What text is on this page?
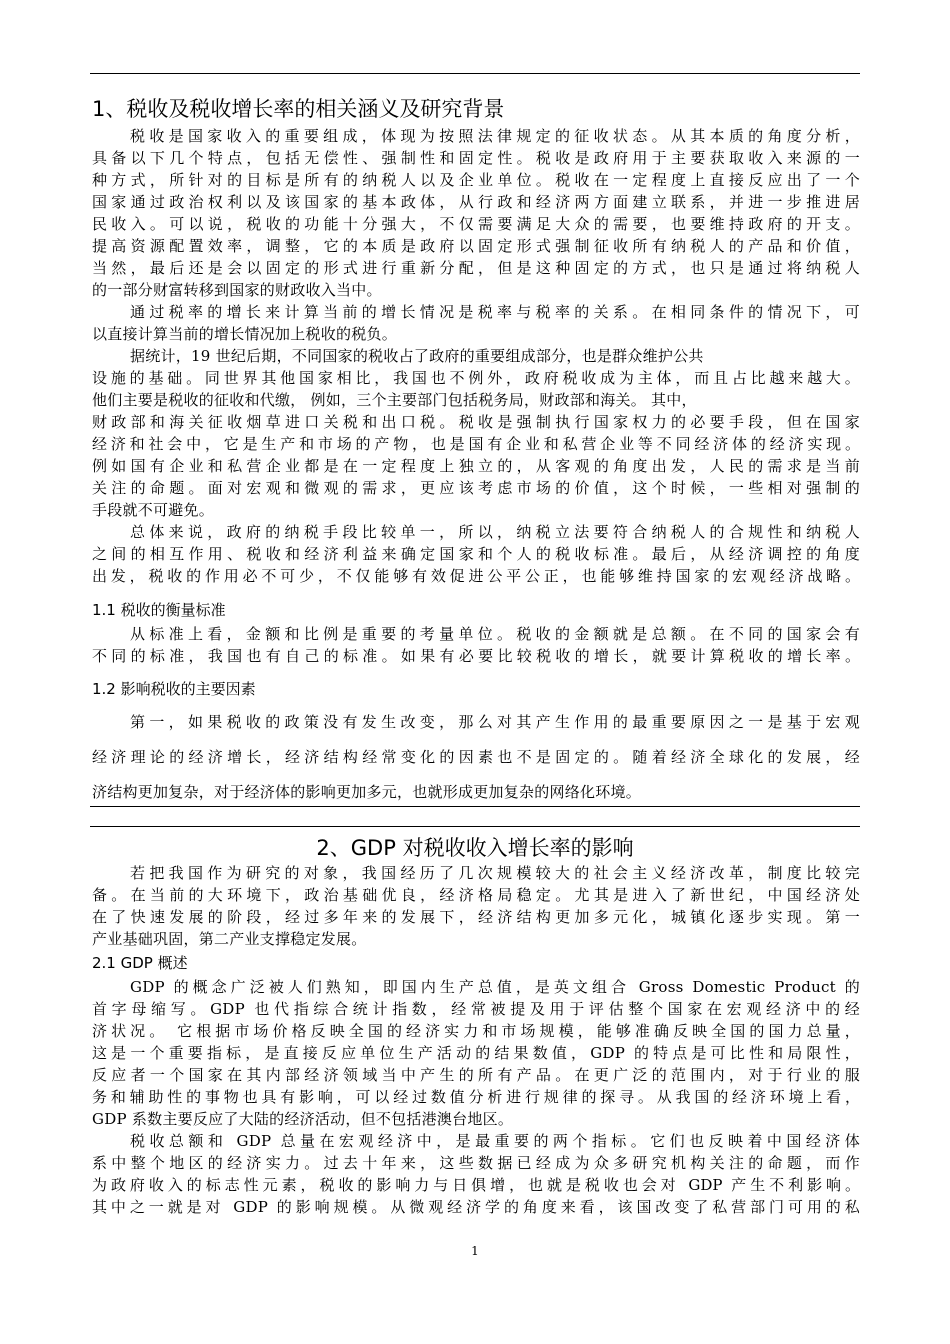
1、税收及税收增长率的相关涵义及研究背景
税收是国家收入的重要组成，体现为按照法律规定的征收状态。从其本质的角度分析，
具备以下几个特点，包括无偿性、强制性和固定性。税收是政府用于主要获取收入来源的一
种方式，所针对的目标是所有的纳税人以及企业单位。税收在一定程度上直接反应出了一个
国家通过政治权利以及该国家的基本政体，从行政和经济两方面建立联系，并进一步推进居
民收入。可以说，税收的功能十分强大，不仅需要满足大众的需要，也要维持政府的开支。
提高资源配置效率，调整，它的本质是政府以固定形式强制征收所有纳税人的产品和价值，
当然，最后还是会以固定的形式进行重新分配，但是这种固定的方式，也只是通过将纳税人
的一部分财富转移到国家的财政收入当中。
通过税率的增长来计算当前的增长情况是税率与税率的关系。在相同条件的情况下，可
以直接计算当前的增长情况加上税收的税负。
据统计，19 世纪后期，不同国家的税收占了政府的重要组成部分，也是群众维护公共
设施的基础。同世界其他国家相比，我国也不例外，政府税收成为主体，而且占比越来越大。
他们主要是税收的征收和代缴， 例如，三个主要部门包括税务局，财政部和海关。 其中，
财政部和海关征收烟草进口关税和出口税。税收是强制执行国家权力的必要手段，但在国家
经济和社会中，它是生产和市场的产物，也是国有企业和私营企业等不同经济体的经济实现。
例如国有企业和私营企业都是在一定程度上独立的，从客观的角度出发，人民的需求是当前
关注的命题。面对宏观和微观的需求，更应该考虑市场的价值，这个时候，一些相对强制的
手段就不可避免。
总体来说，政府的纳税手段比较单一，所以，纳税立法要符合纳税人的合规性和纳税人
之间的相互作用、税收和经济利益来确定国家和个人的税收标准。最后，从经济调控的角度
出发，税收的作用必不可少，不仅能够有效促进公平公正，也能够维持国家的宏观经济战略。
1.1 税收的衡量标准
从标准上看，金额和比例是重要的考量单位。税收的金额就是总额。在不同的国家会有
不同的标准，我国也有自己的标准。如果有必要比较税收的增长，就要计算税收的增长率。
1.2 影响税收的主要因素
第一，如果税收的政策没有发生改变，那么对其产生作用的最重要原因之一是基于宏观
经济理论的经济增长，经济结构经常变化的因素也不是固定的。随着经济全球化的发展，经
济结构更加复杂，对于经济体的影响更加多元，也就形成更加复杂的网络化环境。
2、GDP 对税收收入增长率的影响
若把我国作为研究的对象，我国经历了几次规模较大的社会主义经济改革，制度比较完
备。在当前的大环境下，政治基础优良，经济格局稳定。尤其是进入了新世纪，中国经济处
在了快速发展的阶段，经过多年来的发展下，经济结构更加多元化，城镇化逐步实现。第一
产业基础巩固，第二产业支撑稳定发展。
2.1 GDP 概述
GDP 的概念广泛被人们熟知，即国内生产总值，是英文组合 Gross Domestic Product 的
首字母缩写。GDP 也代指综合统计指数，经常被提及用于评估整个国家在宏观经济中的经
济状况。 它根据市场价格反映全国的经济实力和市场规模，能够准确反映全国的国力总量，
这是一个重要指标，是直接反应单位生产活动的结果数值，GDP 的特点是可比性和局限性，
反应者一个国家在其内部经济领域当中产生的所有产品。在更广泛的范围内，对于行业的服
务和辅助性的事物也具有影响，可以经过数值分析进行规律的探寻。从我国的经济环境上看，
GDP 系数主要反应了大陆的经济活动，但不包括港澳台地区。
税收总额和 GDP 总量在宏观经济中，是最重要的两个指标。它们也反映着中国经济体
系中整个地区的经济实力。过去十年来，这些数据已经成为众多研究机构关注的命题，而作
为政府收入的标志性元素，税收的影响力与日俱增，也就是税收也会对 GDP 产生不利影响。
其中之一就是对 GDP 的影响规模。从微观经济学的角度来看，该国改变了私营部门可用的私
1
